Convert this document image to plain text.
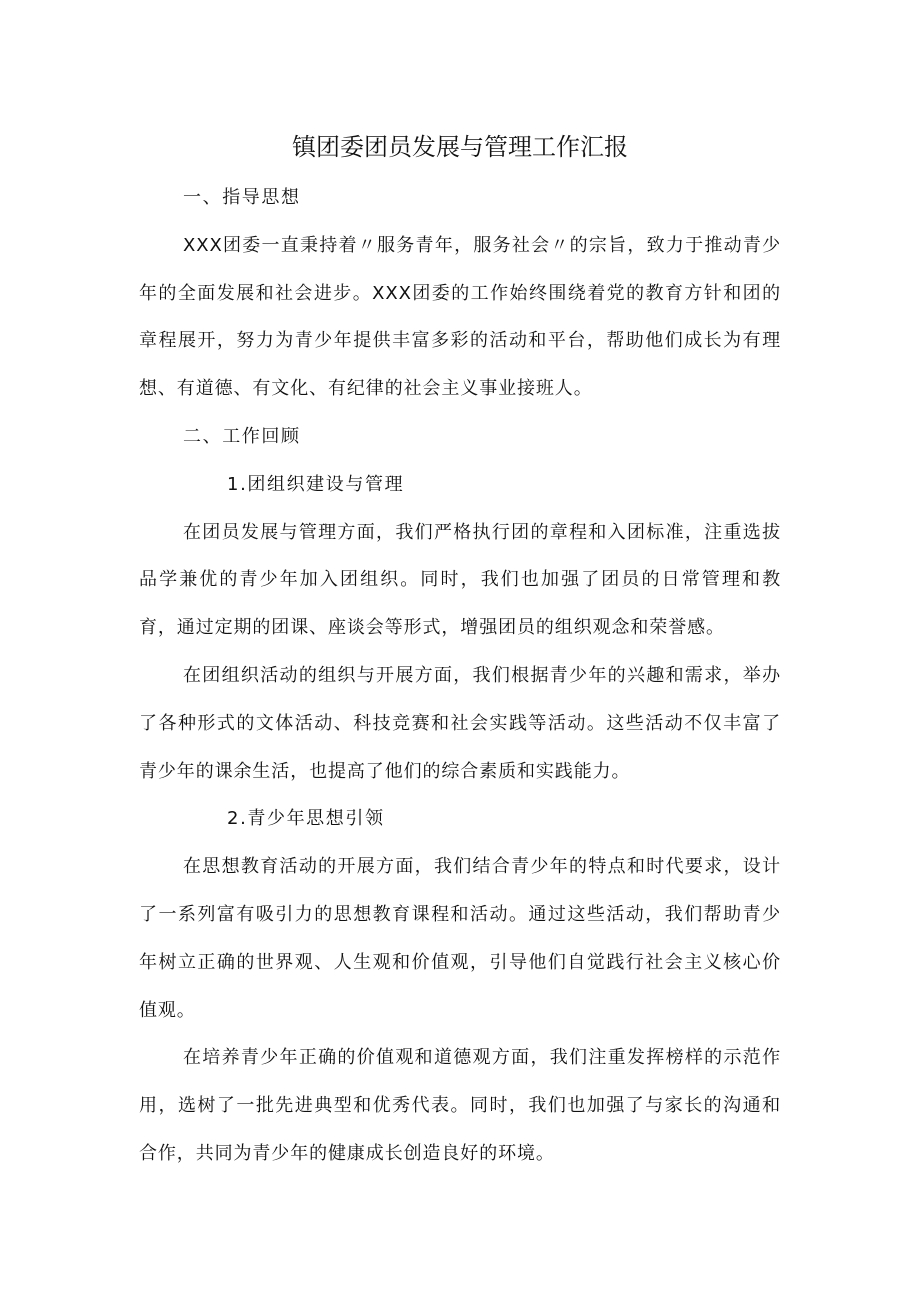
镇团委团员发展与管理工作汇报

一、指导思想

XXX团委一直秉持着〃服务青年，服务社会〃的宗旨，致力于推动青少年的全面发展和社会进步。XXX团委的工作始终围绕着党的教育方针和团的章程展开，努力为青少年提供丰富多彩的活动和平台，帮助他们成长为有理想、有道德、有文化、有纪律的社会主义事业接班人。

二、工作回顾

1.团组织建设与管理

在团员发展与管理方面，我们严格执行团的章程和入团标准，注重选拔品学兼优的青少年加入团组织。同时，我们也加强了团员的日常管理和教育，通过定期的团课、座谈会等形式，增强团员的组织观念和荣誉感。

在团组织活动的组织与开展方面，我们根据青少年的兴趣和需求，举办了各种形式的文体活动、科技竞赛和社会实践等活动。这些活动不仅丰富了青少年的课余生活，也提高了他们的综合素质和实践能力。

2.青少年思想引领

在思想教育活动的开展方面，我们结合青少年的特点和时代要求，设计了一系列富有吸引力的思想教育课程和活动。通过这些活动，我们帮助青少年树立正确的世界观、人生观和价值观，引导他们自觉践行社会主义核心价值观。

在培养青少年正确的价值观和道德观方面，我们注重发挥榜样的示范作用，选树了一批先进典型和优秀代表。同时，我们也加强了与家长的沟通和合作，共同为青少年的健康成长创造良好的环境。
